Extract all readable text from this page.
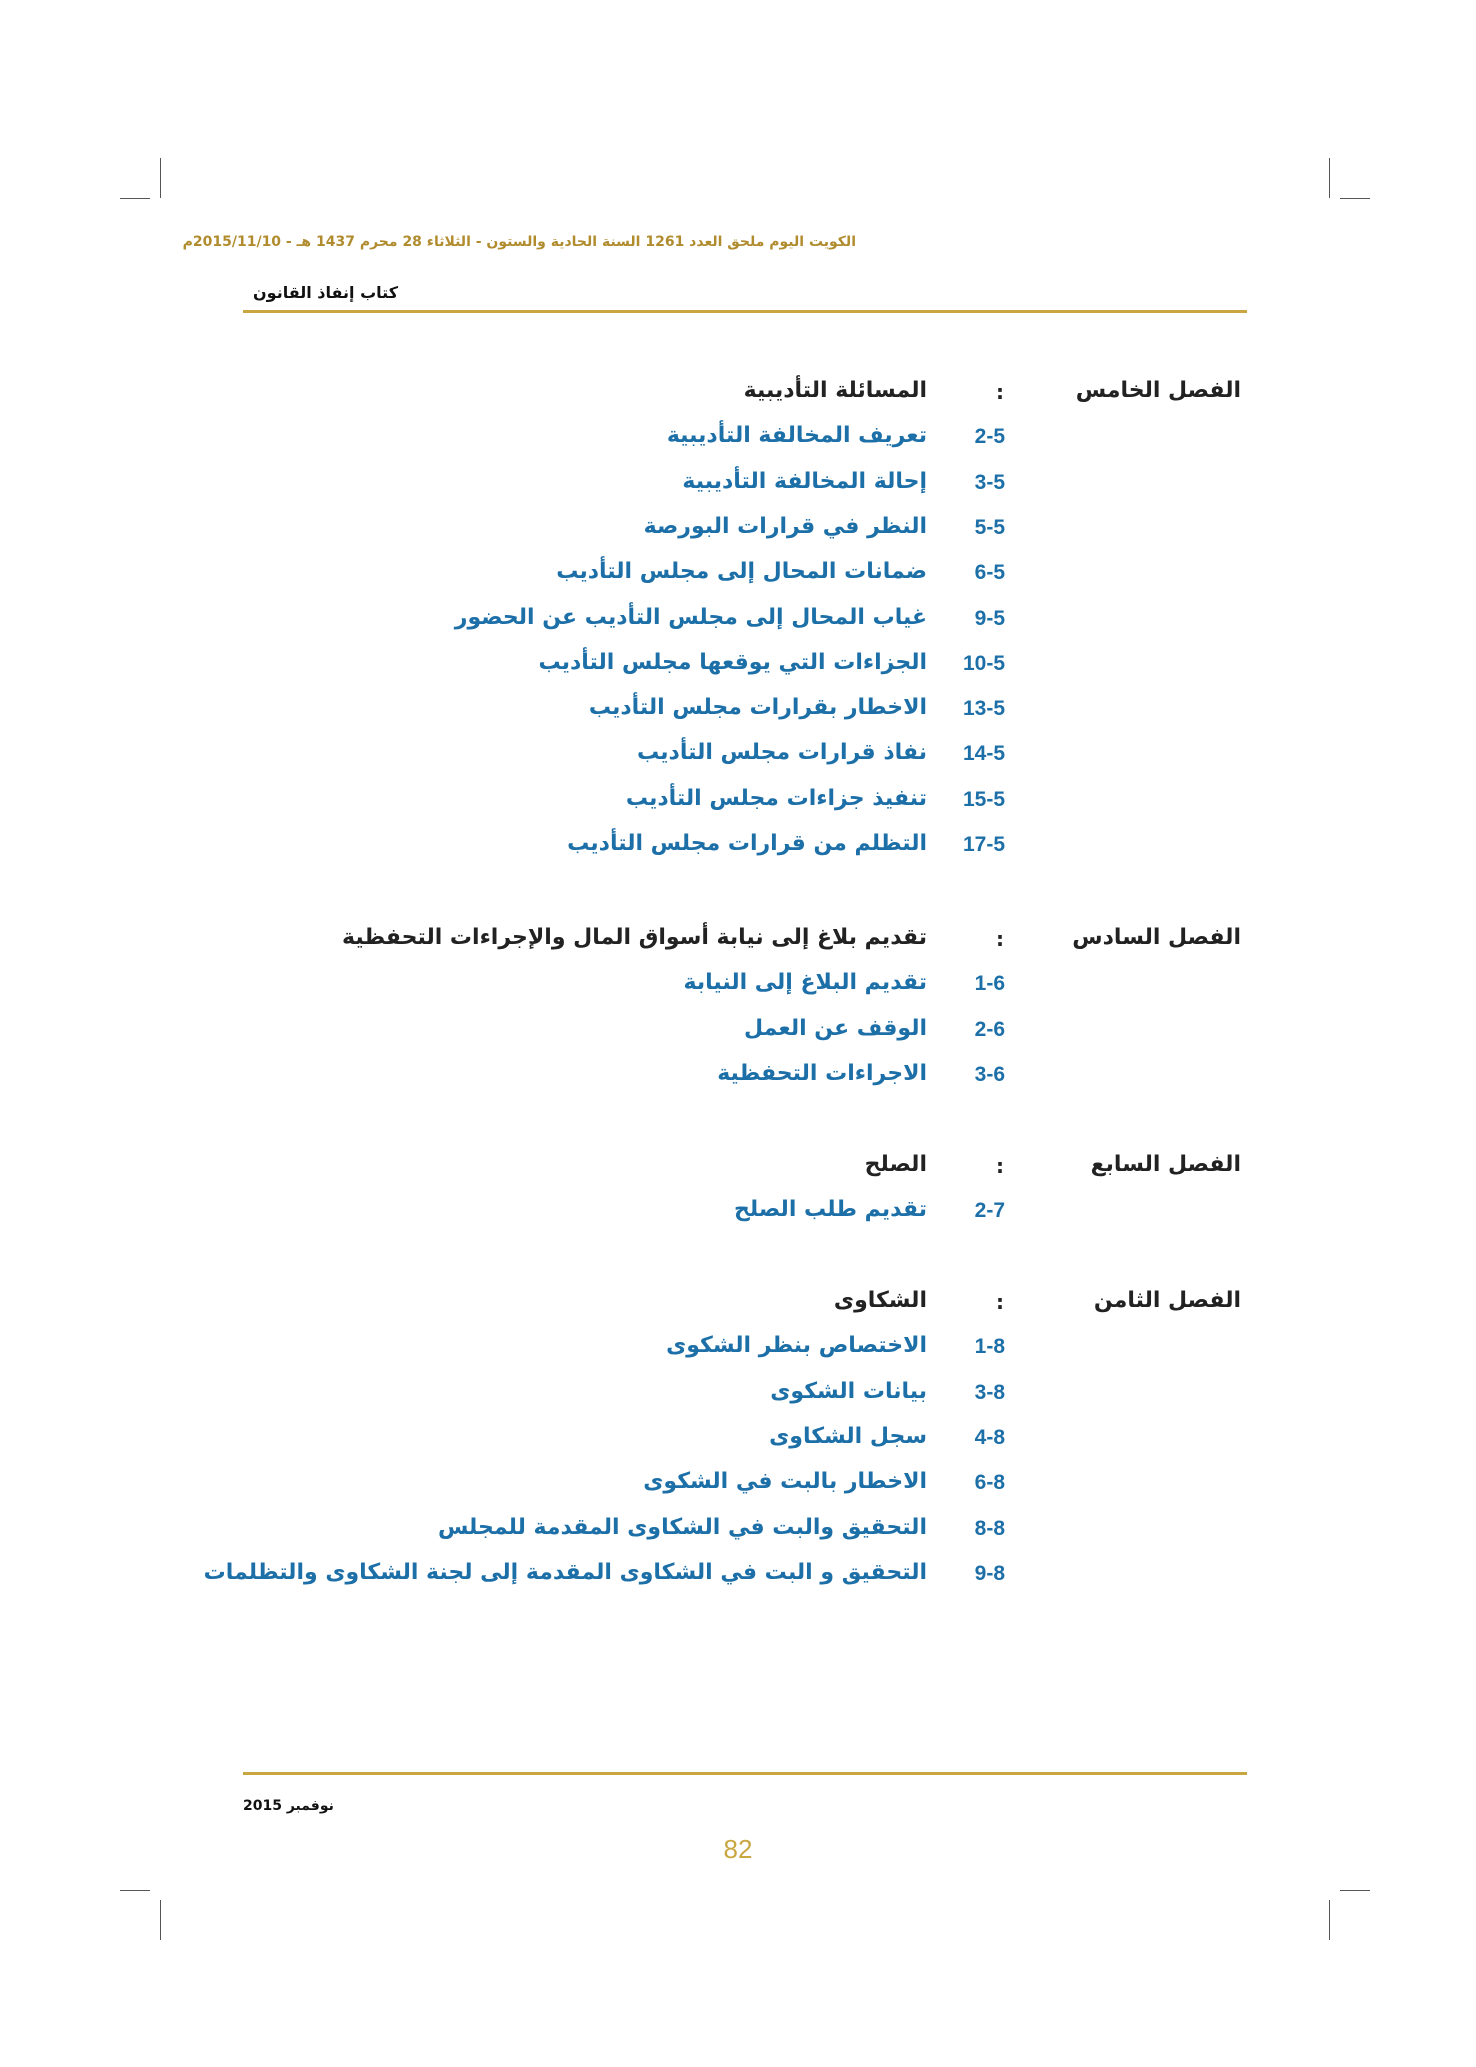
الكويت اليوم ملحق العدد 1261 السنة الحادية والستون - الثلاثاء 28 محرم 1437 هـ - 2015/11/10م
كتاب إنفاذ القانون
الفصل الخامس
:
المسائلة التأديبية
2-5
تعريف المخالفة التأديبية
3-5
إحالة المخالفة التأديبية
5-5
النظر في قرارات البورصة
6-5
ضمانات المحال إلى مجلس التأديب
9-5
غياب المحال إلى مجلس التأديب عن الحضور
10-5
الجزاءات التي يوقعها مجلس التأديب
13-5
الاخطار بقرارات مجلس التأديب
14-5
نفاذ قرارات مجلس التأديب
15-5
تنفيذ جزاءات مجلس التأديب
17-5
التظلم من قرارات مجلس التأديب
الفصل السادس
:
تقديم بلاغ إلى نيابة أسواق المال والإجراءات التحفظية
1-6
تقديم البلاغ إلى النيابة
2-6
الوقف عن العمل
3-6
الاجراءات التحفظية
الفصل السابع
:
الصلح
2-7
تقديم طلب الصلح
الفصل الثامن
:
الشكاوى
1-8
الاختصاص بنظر الشكوى
3-8
بيانات الشكوى
4-8
سجل الشكاوى
6-8
الاخطار بالبت في الشكوى
8-8
التحقيق والبت في الشكاوى المقدمة للمجلس
9-8
التحقيق و البت في الشكاوى المقدمة إلى لجنة الشكاوى والتظلمات
نوفمبر 2015
82
